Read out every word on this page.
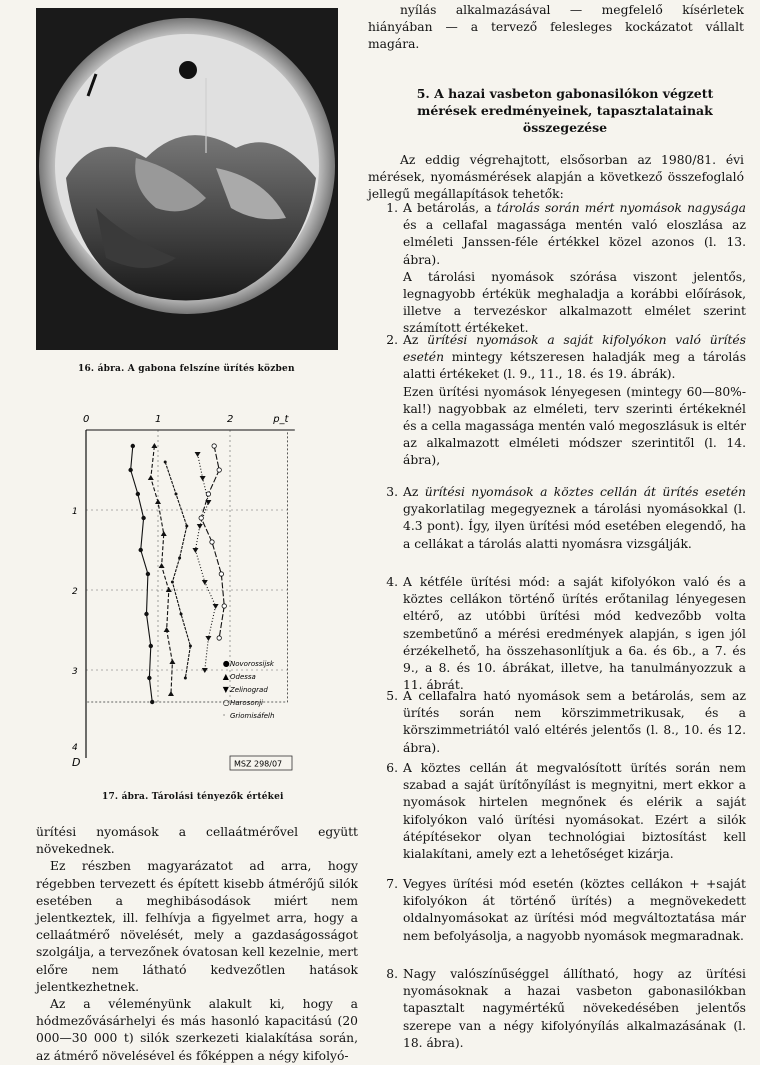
16. ábra. A gabona felszíne ürítés közben
0	1	2	p_t
1
2
3
4
D
● Novorossijsk
▲ Odessa
▼ Zelinograd
○ Harosonji
· Griomisáfelh
MSZ 298/07
17. ábra. Tárolási tényezők értékei

ürítési nyomások a cellaátmérővel együtt növekednek.

Ez részben magyarázatot ad arra, hogy régebben tervezett és épített kisebb átmérőjű silók esetében a meghibásodások miért nem jelentkeztek, ill. felhívja a figyelmet arra, hogy a cellaátmérő növelését, mely a gazdaságosságot szolgálja, a tervezőnek óvatosan kell kezelnie, mert előre nem látható kedvezőtlen hatások jelentkezhetnek.

Az a véleményünk alakult ki, hogy a hódmezővásárhelyi és más hasonló kapacitású (20 000—30 000 t) silók szerkezeti kialakítása során, az átmérő növelésével és főképpen a négy kifolyó-

nyílás alkalmazásával — megfelelő kísérletek hiányában — a tervező felesleges kockázatot vállalt magára.

5. A hazai vasbeton gabonasilókon végzett mérések eredményeinek, tapasztalatainak összegezése

Az eddig végrehajtott, elsősorban az 1980/81. évi mérések, nyomásmérések alapján a következő összefoglaló jellegű megállapítások tehetők:

1. A betárolás, a tárolás során mért nyomások nagysága és a cellafal magassága mentén való eloszlása az elméleti Janssen-féle értékkel közel azonos (l. 13. ábra).

A tárolási nyomások szórása viszont jelentős, legnagyobb értékük meghaladja a korábbi előírások, illetve a tervezéskor alkalmazott elmélet szerint számított értékeket.

2. Az ürítési nyomások a saját kifolyókon való ürítés esetén mintegy kétszeresen haladják meg a tárolás alatti értékeket (l. 9., 11., 18. és 19. ábrák).

Ezen ürítési nyomások lényegesen (mintegy 60—80%-kal!) nagyobbak az elméleti, terv szerinti értékeknél és a cella magassága mentén való megoszlásuk is eltér az alkalmazott elméleti módszer szerintitől (l. 14. ábra),

3. Az ürítési nyomások a köztes cellán át ürítés esetén gyakorlatilag megegyeznek a tárolási nyomásokkal (l. 4.3 pont). Így, ilyen ürítési mód esetében elegendő, ha a cellákat a tárolás alatti nyomásra vizsgálják.

4. A kétféle ürítési mód: a saját kifolyókon való és a köztes cellákon történő ürítés erőtanilag lényegesen eltérő, az utóbbi ürítési mód kedvezőbb volta szembetűnő a mérési eredmények alapján, s igen jól érzékelhető, ha összehasonlítjuk a 6a. és 6b., a 7. és 9., a 8. és 10. ábrákat, illetve, ha tanulmányozzuk a 11. ábrát.

5. A cellafalra ható nyomások sem a betárolás, sem az ürítés során nem körszimmetrikusak, és a körszimmetriától való eltérés jelentős (l. 8., 10. és 12. ábra).

6. A köztes cellán át megvalósított ürítés során nem szabad a saját ürítőnyílást is megnyitni, mert ekkor a nyomások hirtelen megnőnek és elérik a saját kifolyókon való ürítési nyomásokat. Ezért a silók átépítésekor olyan technológiai biztosítást kell kialakítani, amely ezt a lehetőséget kizárja.

7. Vegyes ürítési mód esetén (köztes cellákon + +saját kifolyókon át történő ürítés) a megnövekedett oldalnyomásokat az ürítési mód megváltoztatása már nem befolyásolja, a nagyobb nyomások megmaradnak.

8. Nagy valószínűséggel állítható, hogy az ürítési nyomásoknak a hazai vasbeton gabonasilókban tapasztalt nagymértékű növekedésében jelentős szerepe van a négy kifolyónyílás alkalmazásának (l. 18. ábra).
